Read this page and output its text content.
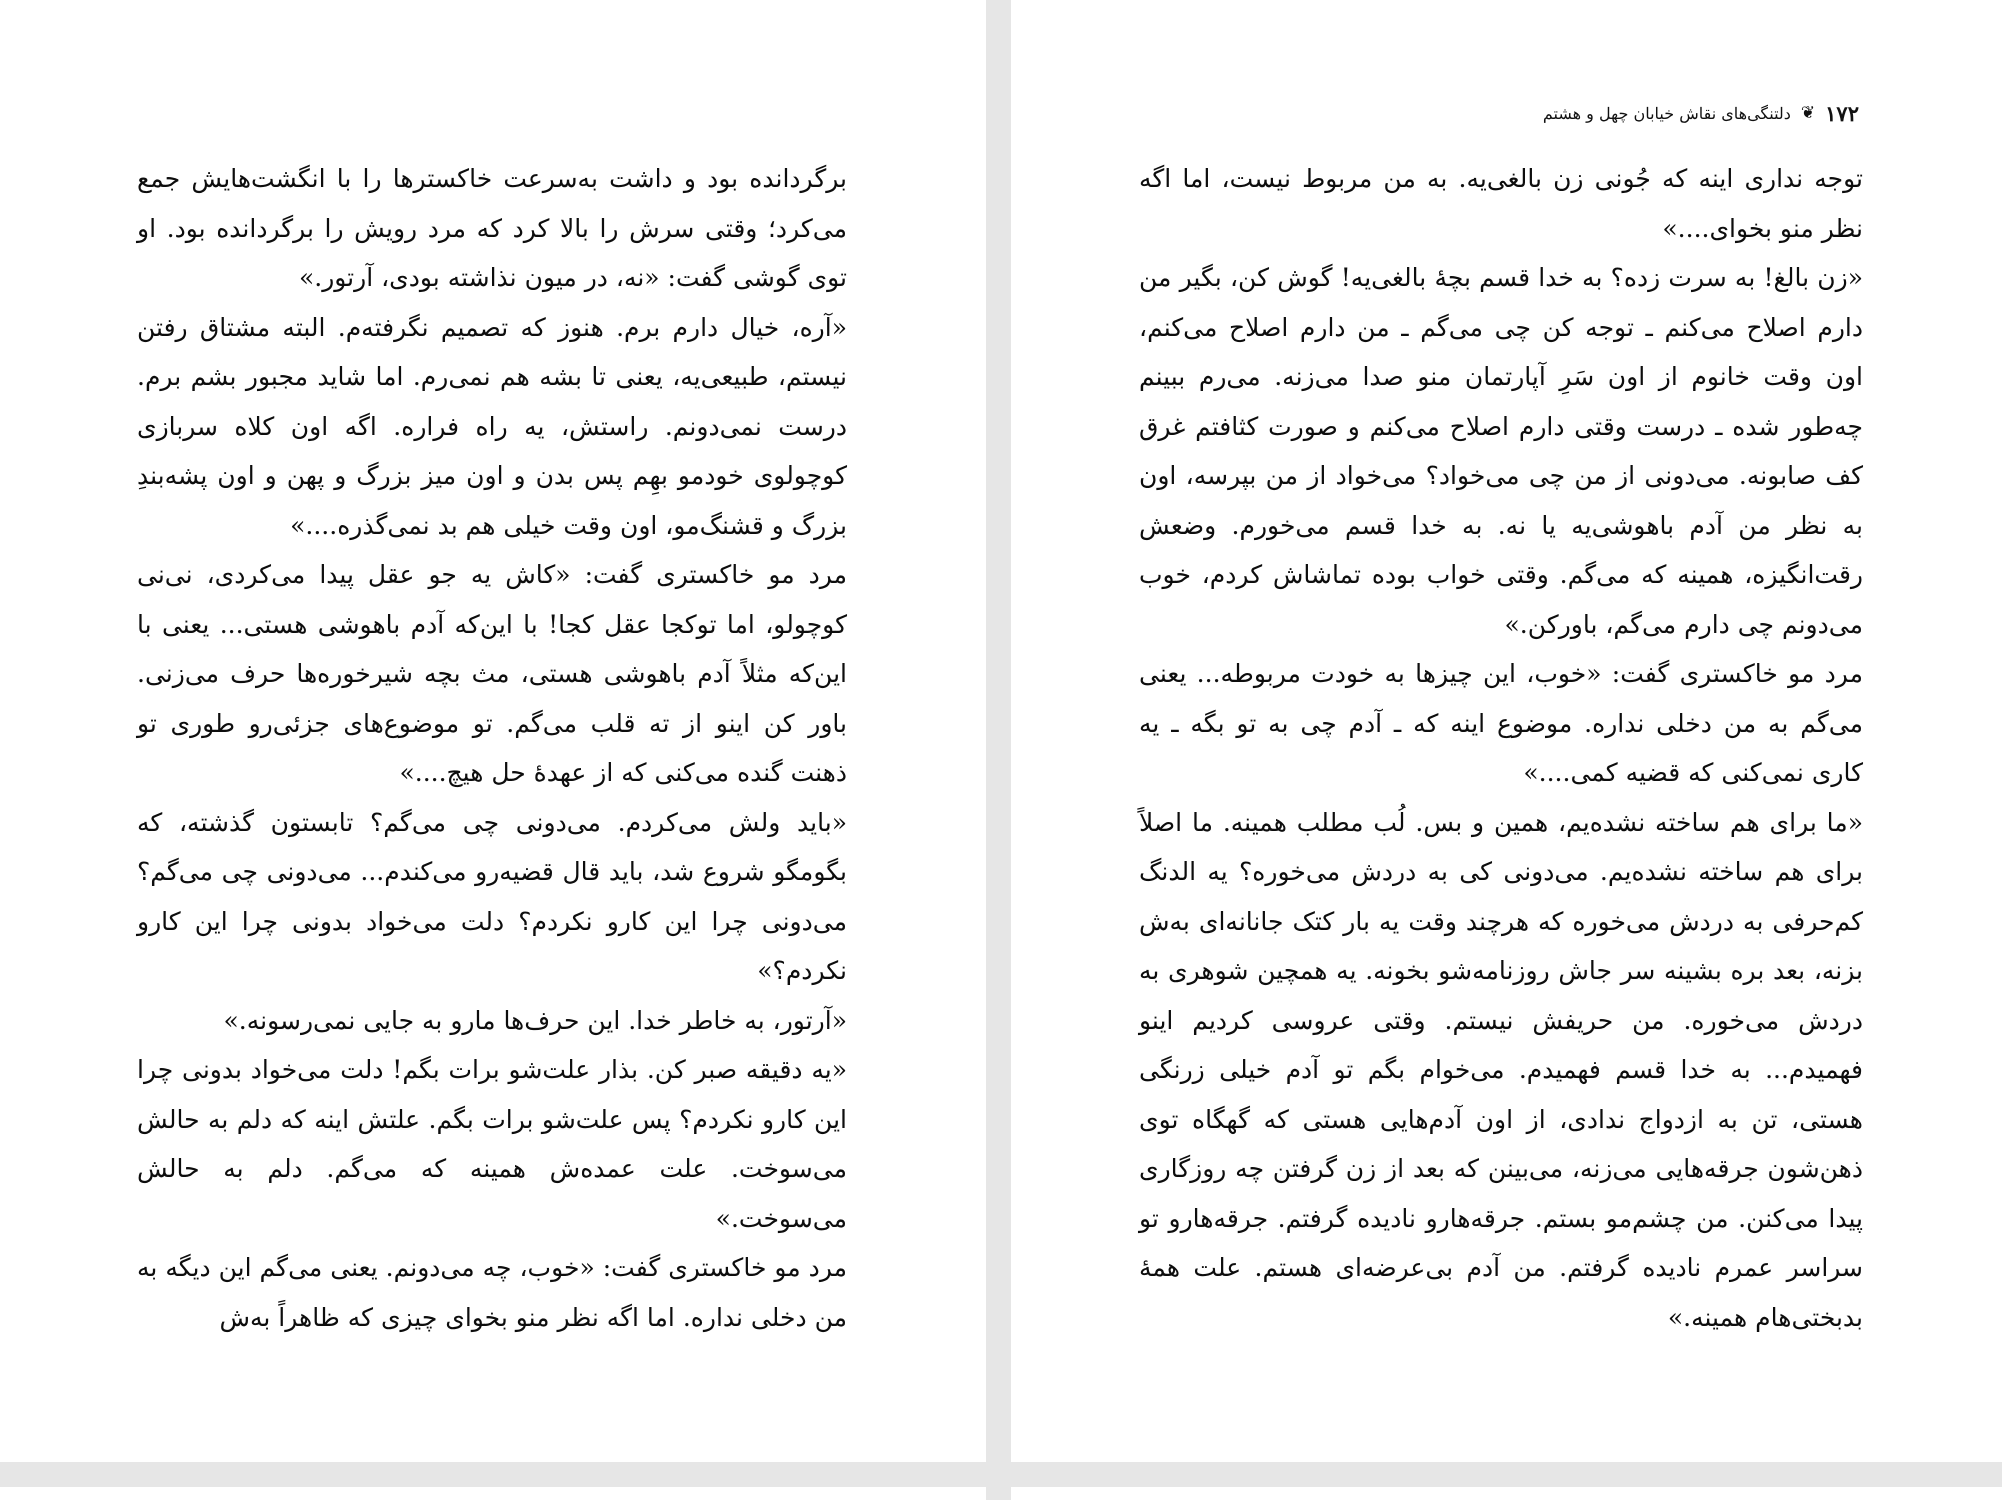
برگردانده بود و داشت به‌سرعت خاکسترها را با انگشت‌هایش جمع می‌کرد؛ وقتی سرش را بالا کرد که مرد رویش را برگردانده بود. او توی گوشی گفت: «نه، در میون نذاشته بودی، آرتور.»

«آره، خیال دارم برم. هنوز که تصمیم نگرفته‌م. البته مشتاق رفتن نیستم، طبیعی‌یه، یعنی تا بشه هم نمی‌رم. اما شاید مجبور بشم برم. درست نمی‌دونم. راستش، یه راه فراره. اگه اون کلاه سربازی کوچولوی خودمو بهِم پس بدن و اون میز بزرگ و پهن و اون پشه‌بندِ بزرگ و قشنگ‌مو، اون وقت خیلی هم بد نمی‌گذره....»

مرد مو خاکستری گفت: «کاش یه جو عقل پیدا می‌کردی، نی‌نی کوچولو، اما توکجا عقل کجا! با این‌که آدم باهوشی هستی... یعنی با این‌که مثلاً آدم باهوشی هستی، مث بچه شیرخوره‌ها حرف می‌زنی. باور کن اینو از ته قلب می‌گم. تو موضوع‌های جزئی‌رو طوری تو ذهنت گنده می‌کنی که از عهدهٔ حل هیچ....»

«باید ولش می‌کردم. می‌دونی چی می‌گم؟ تابستون گذشته، که بگومگو شروع شد، باید قال قضیه‌رو می‌کندم... می‌دونی چی می‌گم؟ می‌دونی چرا این کارو نکردم؟ دلت می‌خواد بدونی چرا این کارو نکردم؟»

«آرتور، به خاطر خدا. این حرف‌ها مارو به جایی نمی‌رسونه.»

«یه دقیقه صبر کن. بذار علت‌شو برات بگم! دلت می‌خواد بدونی چرا این کارو نکردم؟ پس علت‌شو برات بگم. علتش اینه که دلم به حالش می‌سوخت. علت عمده‌ش همینه که می‌گم. دلم به حالش می‌سوخت.»

مرد مو خاکستری گفت: «خوب، چه می‌دونم. یعنی می‌گم این دیگه به من دخلی نداره. اما اگه نظر منو بخوای چیزی که ظاهراً به‌ش

۱۷۲
❦
دلتنگی‌های نقاش خیابان چهل و هشتم

توجه نداری اینه که جُونی زن بالغی‌یه. به من مربوط نیست، اما اگه نظر منو بخوای....»

«زن بالغ! به سرت زده؟ به خدا قسم بچهٔ بالغی‌یه! گوش کن، بگیر من دارم اصلاح می‌کنم ـ توجه کن چی می‌گم ـ من دارم اصلاح می‌کنم، اون وقت خانوم از اون سَرِ آپارتمان منو صدا می‌زنه. می‌رم ببینم چه‌طور شده ـ درست وقتی دارم اصلاح می‌کنم و صورت کثافتم غرق کف صابونه. می‌دونی از من چی می‌خواد؟ می‌خواد از من بپرسه، اون به نظر من آدم باهوشی‌یه یا نه. به خدا قسم می‌خورم. وضعش رقت‌انگیزه، همینه که می‌گم. وقتی خواب بوده تماشاش کردم، خوب می‌دونم چی دارم می‌گم، باورکن.»

مرد مو خاکستری گفت: «خوب، این چیزها به خودت مربوطه... یعنی می‌گم به من دخلی نداره. موضوع اینه که ـ آدم چی به تو بگه ـ یه کاری نمی‌کنی که قضیه کمی....»

«ما برای هم ساخته نشده‌یم، همین و بس. لُب مطلب همینه. ما اصلاً برای هم ساخته نشده‌یم. می‌دونی کی به دردش می‌خوره؟ یه الدنگ کم‌حرفی به دردش می‌خوره که هرچند وقت یه بار کتک جانانه‌ای به‌ش بزنه، بعد بره بشینه سر جاش روزنامه‌شو بخونه. یه همچین شوهری به دردش می‌خوره. من حریفش نیستم. وقتی عروسی کردیم اینو فهمیدم... به خدا قسم فهمیدم. می‌خوام بگم تو آدم خیلی زرنگی هستی، تن به ازدواج ندادی، از اون آدم‌هایی هستی که گهگاه توی ذهن‌شون جرقه‌هایی می‌زنه، می‌بینن که بعد از زن گرفتن چه روزگاری پیدا می‌کنن. من چشم‌مو بستم. جرقه‌هارو نادیده گرفتم. جرقه‌هارو تو سراسر عمرم نادیده گرفتم. من آدم بی‌عرضه‌ای هستم. علت همهٔ بدبختی‌هام همینه.»
